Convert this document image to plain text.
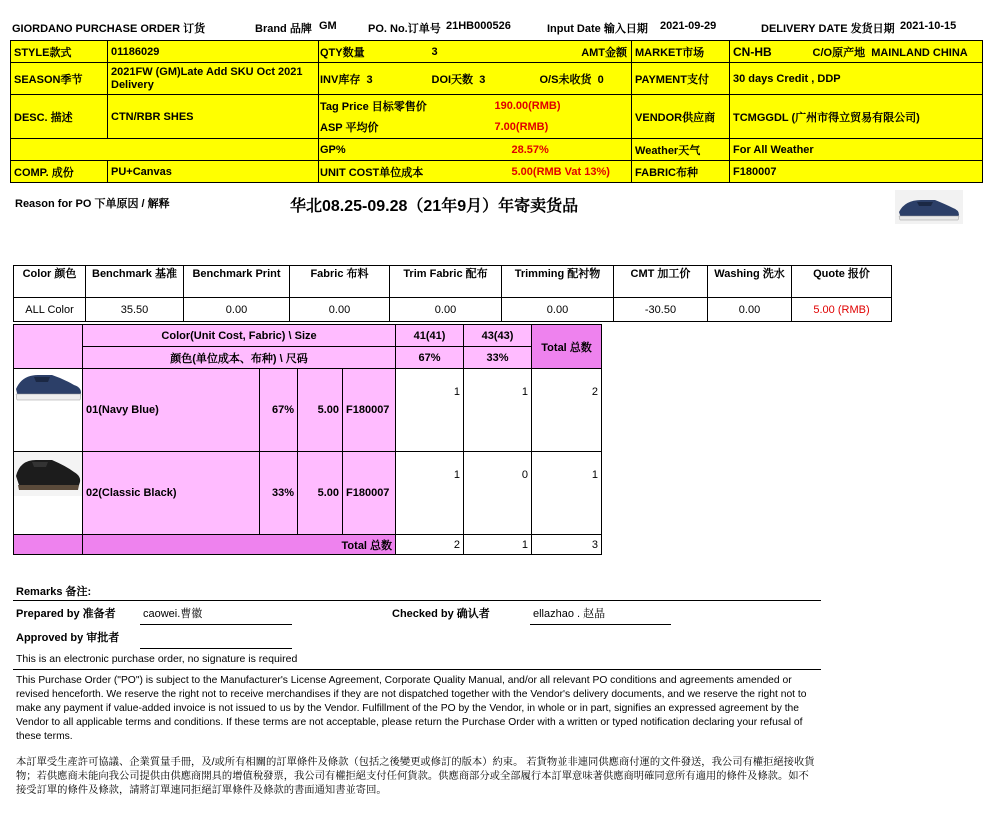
GIORDANO PURCHASE ORDER 订货	Brand 品牌 GM	PO. No.订单号 21HB000526	Input Date 输入日期 2021-09-29	DELIVERY DATE 发货日期 2021-10-15
STYLE款式	01186029	QTY数量	3	AMT金额		MARKET市场	CN-HB	C/O原产地 MAINLAND CHINA
SEASON季节	2021FW (GM)Late Add SKU Oct 2021 Delivery	INV库存 3	DOI天数 3		O/S未收货 0	PAYMENT支付	30 days Credit , DDP	
DESC. 描述	CTN/RBR SHES	Tag Price 目标零售价		190.00(RMB)		VENDOR供应商	TCMGGDL (广州市得立贸易有限公司)	
		ASP 平均价		7.00(RMB)				
		GP%		28.57%		Weather天气	For All Weather	
COMP. 成份	PU+Canvas	UNIT COST单位成本		5.00(RMB Vat 13%)		FABRIC布种	F180007	
Reason for PO 下单原因 / 解释	华北08.25-09.28（21年9月）年寄卖货品
Color 颜色	Benchmark 基准	Benchmark Print	Fabric 布料	Trim Fabric 配布	Trimming 配衬物	CMT 加工价	Washing 洗水	Quote 报价
ALL Color	35.50	0.00	0.00	0.00	0.00	-30.50	0.00	5.00 (RMB)
	Color(Unit Cost, Fabric) \ Size				41(41)	43(43)	Total 总数
	颜色(单位成本、布种) \ 尺码				67%	33%	
	01(Navy Blue)	67%	5.00	F180007	1	1	2
	02(Classic Black)	33%	5.00	F180007	1	0	1
	Total 总数				2	1	3
Remarks 备注:
Prepared by 准备者 caowei.曹徽	Checked by 确认者	ellazhao . 赵晶
Approved by 审批者
This is an electronic purchase order, no signature is required
This Purchase Order ("PO") is subject to the Manufacturer's License Agreement, Corporate Quality Manual, and/or all relevant PO conditions and agreements amended or revised henceforth. We reserve the right not to receive merchandises if they are not dispatched together with the Vendor's delivery documents, and we reserve the right not to make any payment if value-added invoice is not issued to us by the Vendor. Fulfillment of the PO by the Vendor, in whole or in part, signifies an expressed agreement by the Vendor to all applicable terms and conditions. If these terms are not acceptable, please return the Purchase Order with a written or typed notification declaring your refusal of these terms.
本訂單受生產許可協議、企業質量手冊，及/或所有相關的訂單條件及條款（包括之後變更或修訂的版本）約束。 若貨物並非連同供應商付運的文件發送，我公司有權拒絕接收貨物；若供應商未能向我公司提供由供應商開具的增值稅發票，我公司有權拒絕支付任何貨款。供應商部分或全部履行本訂單意味著供應商明確同意所有適用的條件及條款。如不接受訂單的條件及條款，請將訂單連同拒絕訂單條件及條款的書面通知書並寄回。
